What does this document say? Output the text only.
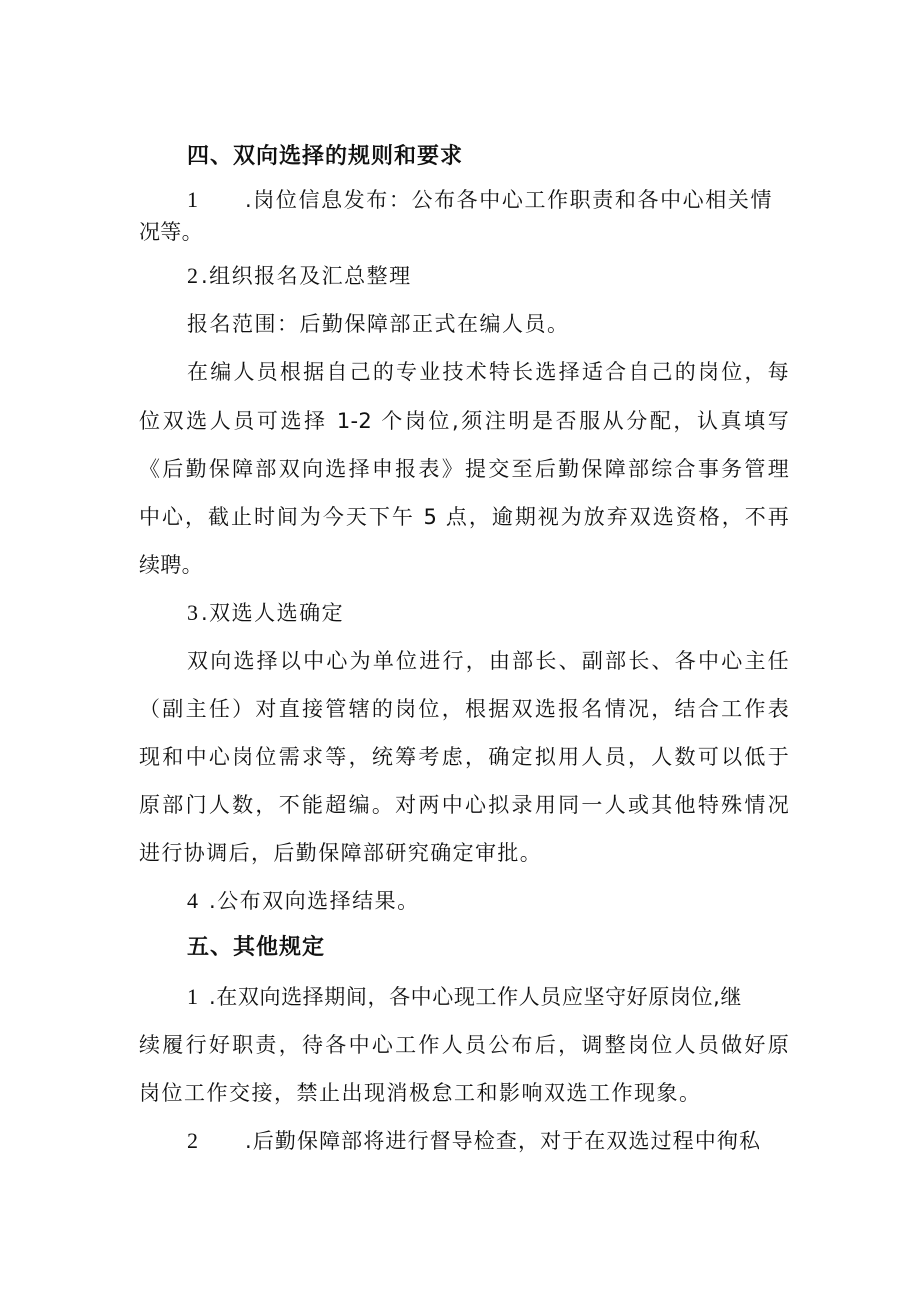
四、双向选择的规则和要求
1 .岗位信息发布：公布各中心工作职责和各中心相关情
况等。
2 .组织报名及汇总整理
报名范围：后勤保障部正式在编人员。
在编人员根据自己的专业技术特长选择适合自己的岗位，每
位双选人员可选择 1-2 个岗位,须注明是否服从分配，认真填写
《后勤保障部双向选择申报表》提交至后勤保障部综合事务管理
中心，截止时间为今天下午 5 点，逾期视为放弃双选资格，不再
续聘。
3 .双选人选确定
双向选择以中心为单位进行，由部长、副部长、各中心主任
（副主任）对直接管辖的岗位，根据双选报名情况，结合工作表
现和中心岗位需求等，统筹考虑，确定拟用人员，人数可以低于
原部门人数，不能超编。对两中心拟录用同一人或其他特殊情况
进行协调后，后勤保障部研究确定审批。
4 .公布双向选择结果。
五、其他规定
1 .在双向选择期间，各中心现工作人员应坚守好原岗位,继
续履行好职责，待各中心工作人员公布后，调整岗位人员做好原
岗位工作交接，禁止出现消极怠工和影响双选工作现象。
2 .后勤保障部将进行督导检查，对于在双选过程中徇私
